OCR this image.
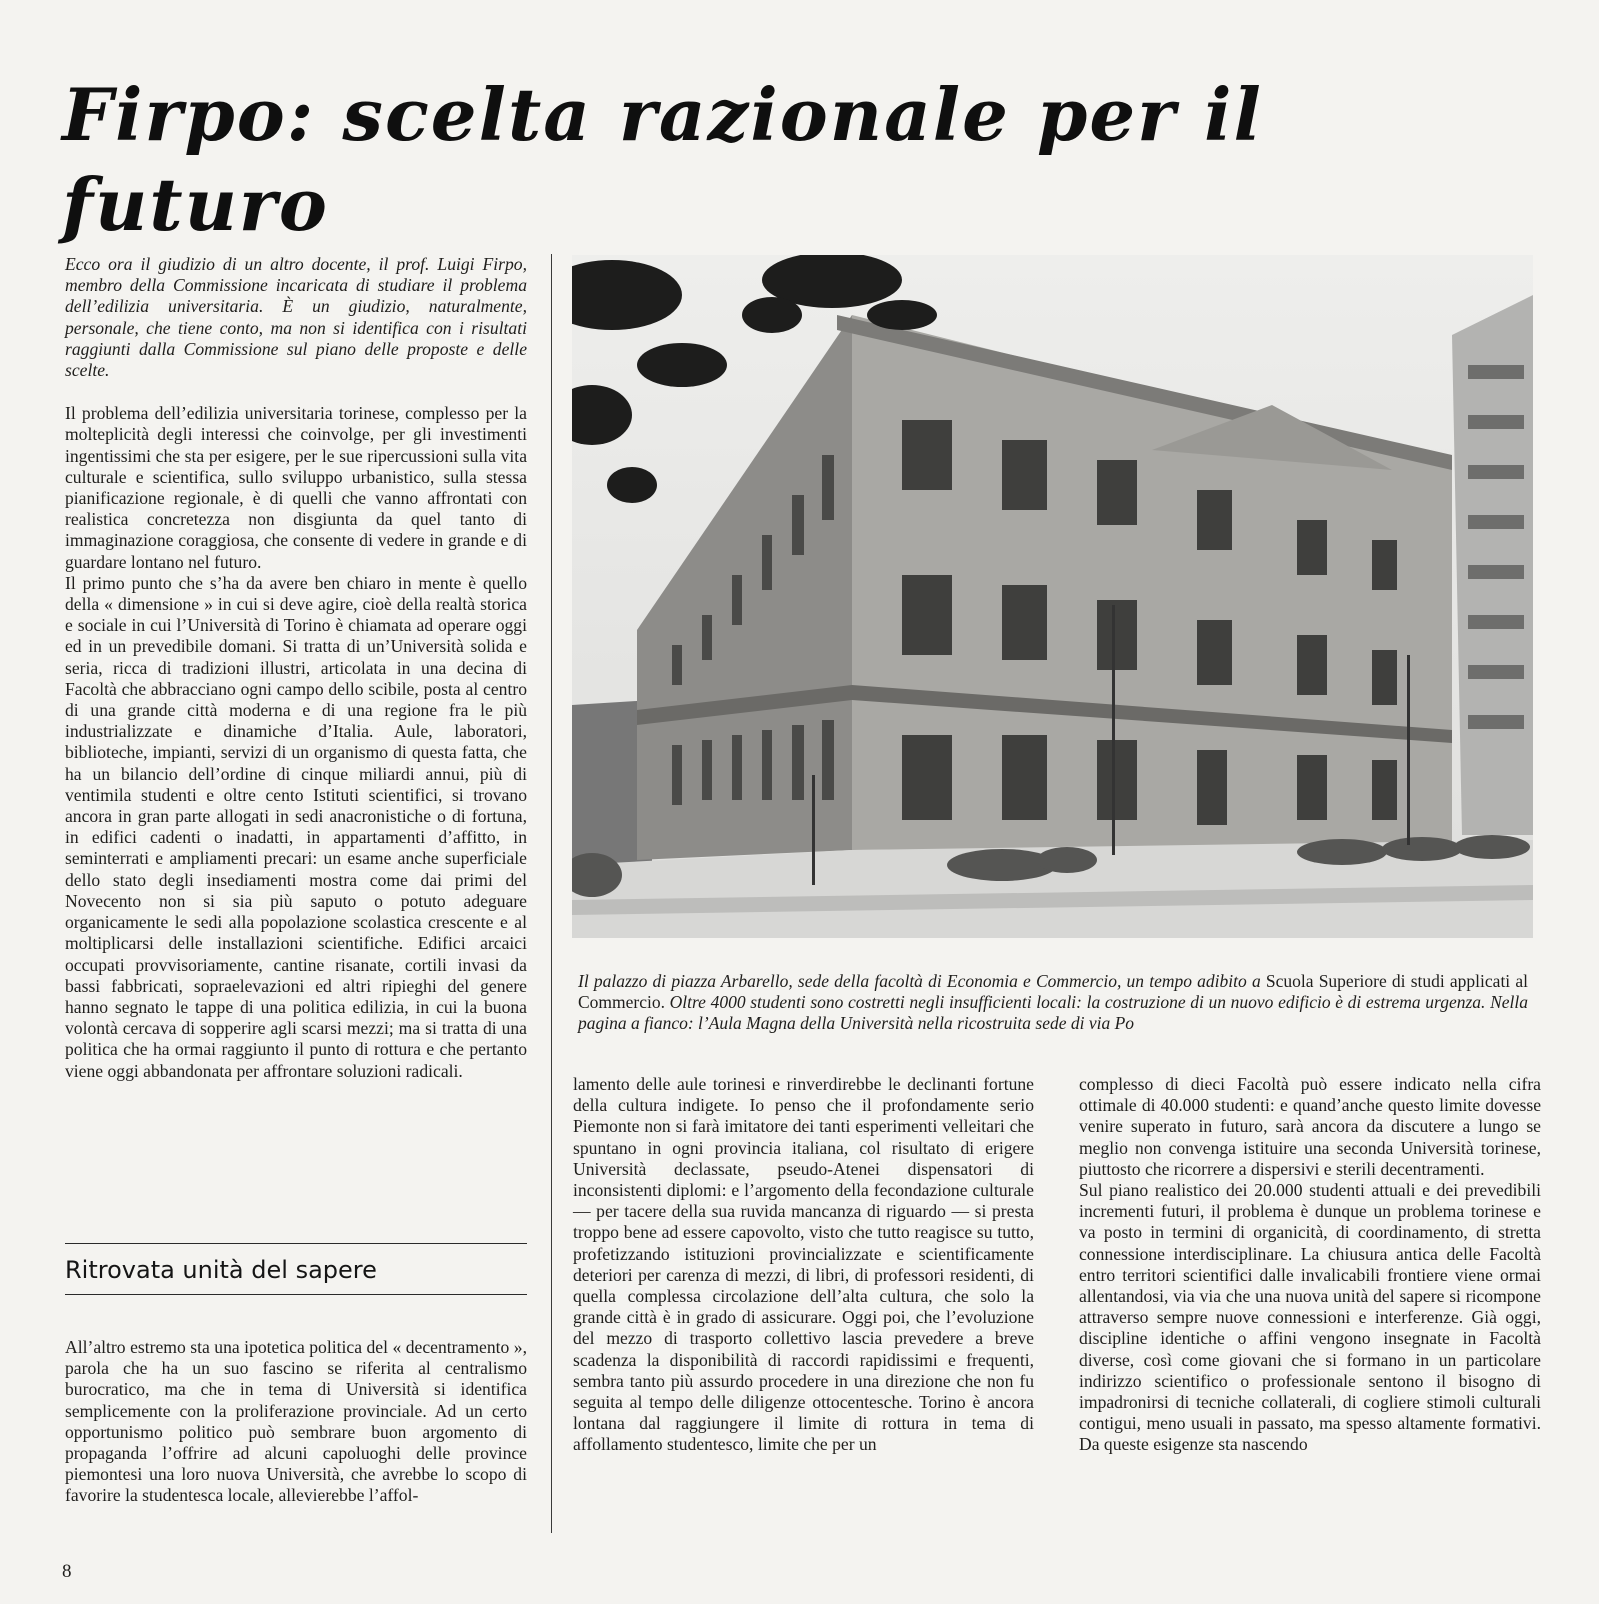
Firpo: scelta razionale per il futuro

Ecco ora il giudizio di un altro docente, il prof. Luigi Firpo, membro della Commissione incaricata di studiare il problema dell’edilizia universitaria. È un giudizio, naturalmente, personale, che tiene conto, ma non si identifica con i risultati raggiunti dalla Commissione sul piano delle proposte e delle scelte.

Il problema dell’edilizia universitaria torinese, complesso per la molteplicità degli interessi che coinvolge, per gli investimenti ingentissimi che sta per esigere, per le sue ripercussioni sulla vita culturale e scientifica, sullo sviluppo urbanistico, sulla stessa pianificazione regionale, è di quelli che vanno affrontati con realistica concretezza non disgiunta da quel tanto di immaginazione coraggiosa, che consente di vedere in grande e di guardare lontano nel futuro.

Il primo punto che s’ha da avere ben chiaro in mente è quello della « dimensione » in cui si deve agire, cioè della realtà storica e sociale in cui l’Università di Torino è chiamata ad operare oggi ed in un prevedibile domani. Si tratta di un’Università solida e seria, ricca di tradizioni illustri, articolata in una decina di Facoltà che abbracciano ogni campo dello scibile, posta al centro di una grande città moderna e di una regione fra le più industrializzate e dinamiche d’Italia. Aule, laboratori, biblioteche, impianti, servizi di un organismo di questa fatta, che ha un bilancio dell’ordine di cinque miliardi annui, più di ventimila studenti e oltre cento Istituti scientifici, si trovano ancora in gran parte allogati in sedi anacronistiche o di fortuna, in edifici cadenti o inadatti, in appartamenti d’affitto, in seminterrati e ampliamenti precari: un esame anche superficiale dello stato degli insediamenti mostra come dai primi del Novecento non si sia più saputo o potuto adeguare organicamente le sedi alla popolazione scolastica crescente e al moltiplicarsi delle installazioni scientifiche. Edifici arcaici occupati provvisoriamente, cantine risanate, cortili invasi da bassi fabbricati, sopraelevazioni ed altri ripieghi del genere hanno segnato le tappe di una politica edilizia, in cui la buona volontà cercava di sopperire agli scarsi mezzi; ma si tratta di una politica che ha ormai raggiunto il punto di rottura e che pertanto viene oggi abbandonata per affrontare soluzioni radicali.

Ritrovata unità del sapere

All’altro estremo sta una ipotetica politica del « decentramento », parola che ha un suo fascino se riferita al centralismo burocratico, ma che in tema di Università si identifica semplicemente con la proliferazione provinciale. Ad un certo opportunismo politico può sembrare buon argomento di propaganda l’offrire ad alcuni capoluoghi delle province piemontesi una loro nuova Università, che avrebbe lo scopo di favorire la studentesca locale, allevierebbe l’affol-

Il palazzo di piazza Arbarello, sede della facoltà di Economia e Commercio, un tempo adibito a Scuola Superiore di studi applicati al Commercio. Oltre 4000 studenti sono costretti negli insufficienti locali: la costruzione di un nuovo edificio è di estrema urgenza. Nella pagina a fianco: l’Aula Magna della Università nella ricostruita sede di via Po

lamento delle aule torinesi e rinverdirebbe le declinanti fortune della cultura indigete. Io penso che il profondamente serio Piemonte non si farà imitatore dei tanti esperimenti velleitari che spuntano in ogni provincia italiana, col risultato di erigere Università declassate, pseudo-Atenei dispensatori di inconsistenti diplomi: e l’argomento della fecondazione culturale — per tacere della sua ruvida mancanza di riguardo — si presta troppo bene ad essere capovolto, visto che tutto reagisce su tutto, profetizzando istituzioni provincializzate e scientificamente deteriori per carenza di mezzi, di libri, di professori residenti, di quella complessa circolazione dell’alta cultura, che solo la grande città è in grado di assicurare. Oggi poi, che l’evoluzione del mezzo di trasporto collettivo lascia prevedere a breve scadenza la disponibilità di raccordi rapidissimi e frequenti, sembra tanto più assurdo procedere in una direzione che non fu seguita al tempo delle diligenze ottocentesche. Torino è ancora lontana dal raggiungere il limite di rottura in tema di affollamento studentesco, limite che per un

complesso di dieci Facoltà può essere indicato nella cifra ottimale di 40.000 studenti: e quand’anche questo limite dovesse venire superato in futuro, sarà ancora da discutere a lungo se meglio non convenga istituire una seconda Università torinese, piuttosto che ricorrere a dispersivi e sterili decentramenti.

Sul piano realistico dei 20.000 studenti attuali e dei prevedibili incrementi futuri, il problema è dunque un problema torinese e va posto in termini di organicità, di coordinamento, di stretta connessione interdisciplinare. La chiusura antica delle Facoltà entro territori scientifici dalle invalicabili frontiere viene ormai allentandosi, via via che una nuova unità del sapere si ricompone attraverso sempre nuove connessioni e interferenze. Già oggi, discipline identiche o affini vengono insegnate in Facoltà diverse, così come giovani che si formano in un particolare indirizzo scientifico o professionale sentono il bisogno di impadronirsi di tecniche collaterali, di cogliere stimoli culturali contigui, meno usuali in passato, ma spesso altamente formativi. Da queste esigenze sta nascendo

8
